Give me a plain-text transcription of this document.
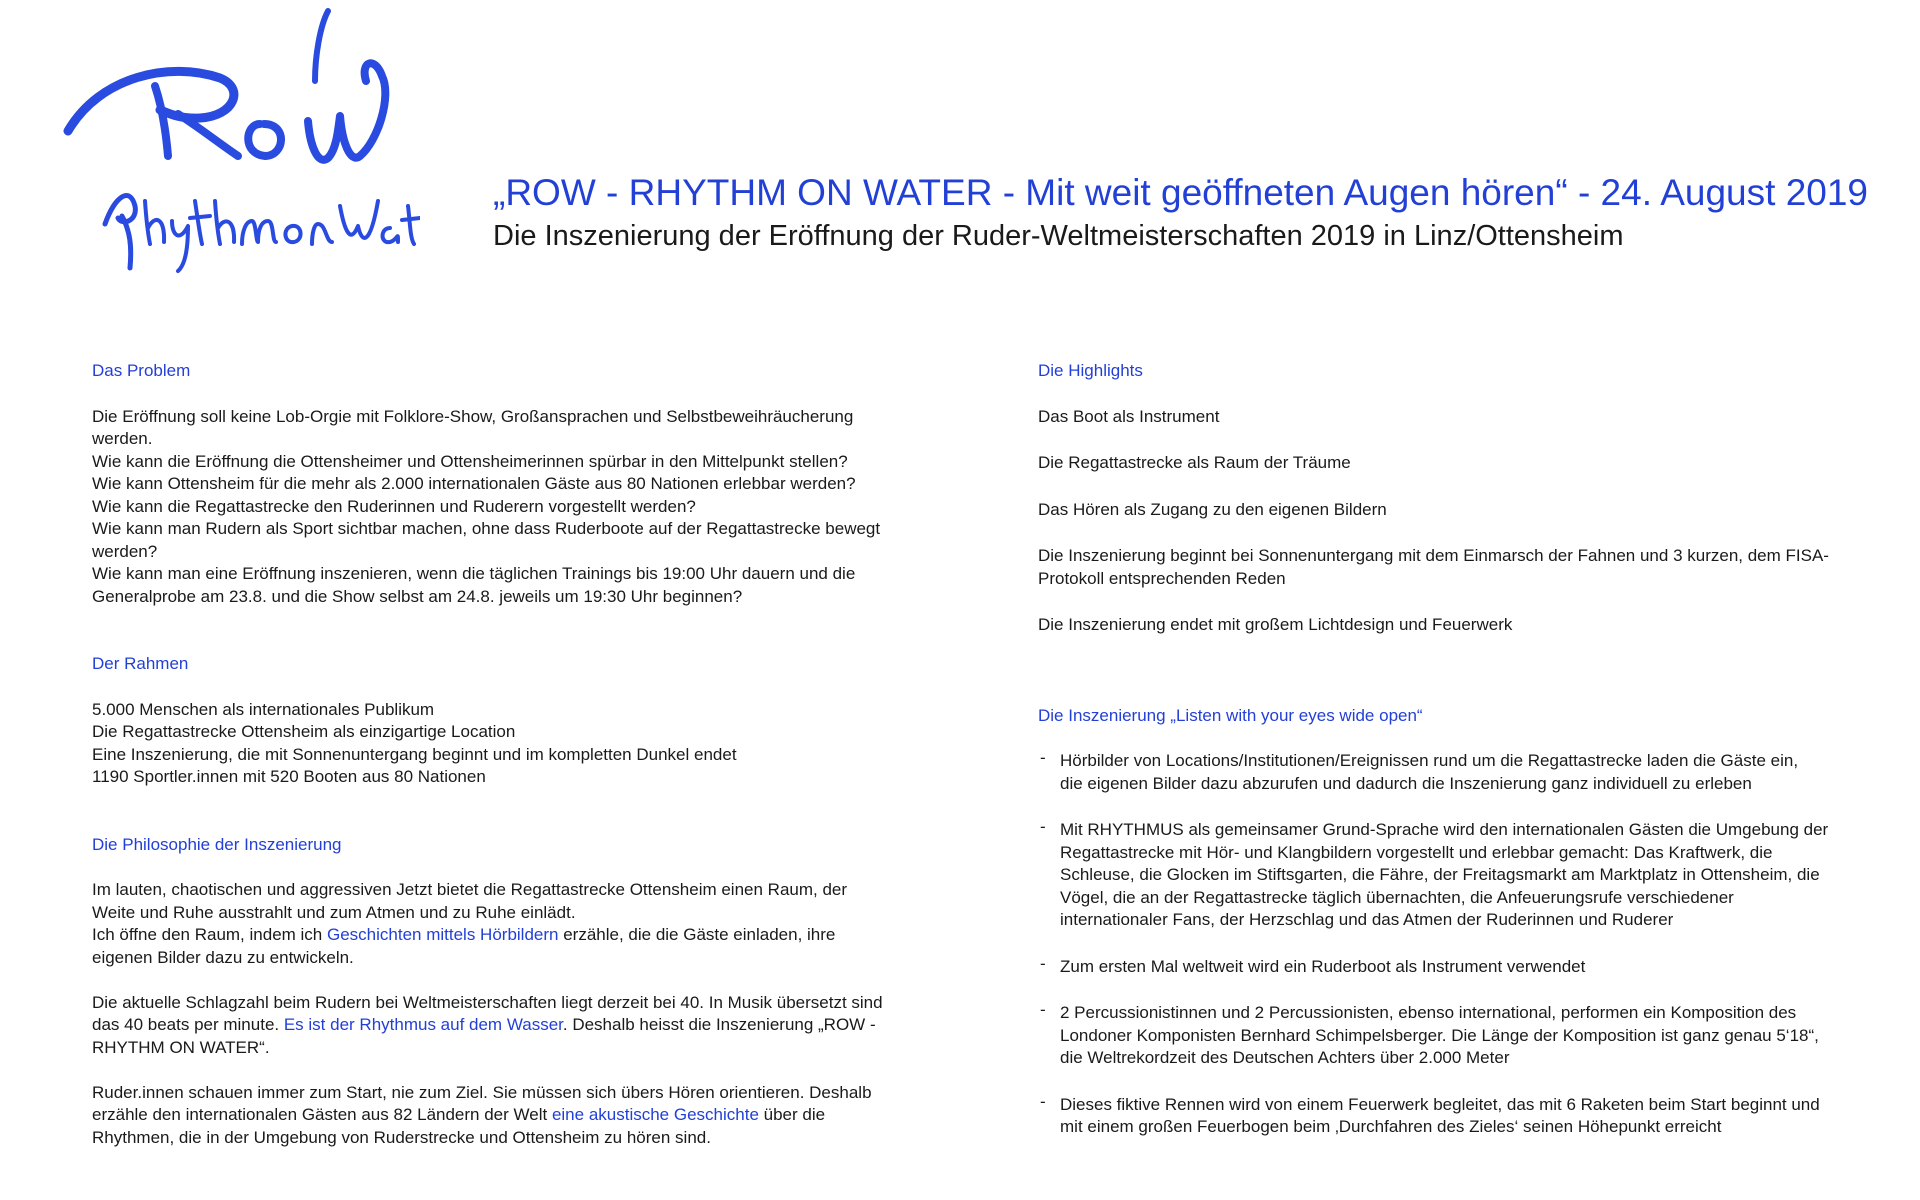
„ROW - RHYTHM ON WATER - Mit weit geöffneten Augen hören“ - 24. August 2019
Die Inszenierung der Eröffnung der Ruder-Weltmeisterschaften 2019 in Linz/Ottensheim

Das Problem

Die Eröffnung soll keine Lob-Orgie mit Folklore-Show, Großansprachen und Selbstbeweihräucherung

werden.

Wie kann die Eröffnung die Ottensheimer und Ottensheimerinnen spürbar in den Mittelpunkt stellen?

Wie kann Ottensheim für die mehr als 2.000 internationalen Gäste aus 80 Nationen erlebbar werden?

Wie kann die Regattastrecke den Ruderinnen und Ruderern vorgestellt werden?

Wie kann man Rudern als Sport sichtbar machen, ohne dass Ruderboote auf der Regattastrecke bewegt

werden?

Wie kann man eine Eröffnung inszenieren, wenn die täglichen Trainings bis 19:00 Uhr dauern und die

Generalprobe am 23.8. und die Show selbst am 24.8. jeweils um 19:30 Uhr beginnen?

Der Rahmen

5.000 Menschen als internationales Publikum

Die Regattastrecke Ottensheim als einzigartige Location

Eine Inszenierung, die mit Sonnenuntergang beginnt und im kompletten Dunkel endet

1190 Sportler.innen mit 520 Booten aus 80 Nationen

Die Philosophie der Inszenierung

Im lauten, chaotischen und aggressiven Jetzt bietet die Regattastrecke Ottensheim einen Raum, der

Weite und Ruhe ausstrahlt und zum Atmen und zu Ruhe einlädt.

Ich öffne den Raum, indem ich Geschichten mittels Hörbildern erzähle, die die Gäste einladen, ihre

eigenen Bilder dazu zu entwickeln.

Die aktuelle Schlagzahl beim Rudern bei Weltmeisterschaften liegt derzeit bei 40. In Musik übersetzt sind

das 40 beats per minute. Es ist der Rhythmus auf dem Wasser. Deshalb heisst die Inszenierung „ROW -

RHYTHM ON WATER“.

Ruder.innen schauen immer zum Start, nie zum Ziel. Sie müssen sich übers Hören orientieren. Deshalb

erzähle den internationalen Gästen aus 82 Ländern der Welt eine akustische Geschichte über die

Rhythmen, die in der Umgebung von Ruderstrecke und Ottensheim zu hören sind.

Die Highlights

Das Boot als Instrument

Die Regattastrecke als Raum der Träume

Das Hören als Zugang zu den eigenen Bildern

Die Inszenierung beginnt bei Sonnenuntergang mit dem Einmarsch der Fahnen und 3 kurzen, dem FISA-

Protokoll entsprechenden Reden

Die Inszenierung endet mit großem Lichtdesign und Feuerwerk

Die Inszenierung „Listen with your eyes wide open“

- Hörbilder von Locations/Institutionen/Ereignissen rund um die Regattastrecke laden die Gäste ein,

die eigenen Bilder dazu abzurufen und dadurch die Inszenierung ganz individuell zu erleben

- Mit RHYTHMUS als gemeinsamer Grund-Sprache wird den internationalen Gästen die Umgebung der

Regattastrecke mit Hör- und Klangbildern vorgestellt und erlebbar gemacht: Das Kraftwerk, die

Schleuse, die Glocken im Stiftsgarten, die Fähre, der Freitagsmarkt am Marktplatz in Ottensheim, die

Vögel, die an der Regattastrecke täglich übernachten, die Anfeuerungsrufe verschiedener

internationaler Fans, der Herzschlag und das Atmen der Ruderinnen und Ruderer

- Zum ersten Mal weltweit wird ein Ruderboot als Instrument verwendet

- 2 Percussionistinnen und 2 Percussionisten, ebenso international, performen ein Komposition des

Londoner Komponisten Bernhard Schimpelsberger. Die Länge der Komposition ist ganz genau 5‘18“,

die Weltrekordzeit des Deutschen Achters über 2.000 Meter

- Dieses fiktive Rennen wird von einem Feuerwerk begleitet, das mit 6 Raketen beim Start beginnt und

mit einem großen Feuerbogen beim ‚Durchfahren des Zieles‘ seinen Höhepunkt erreicht
